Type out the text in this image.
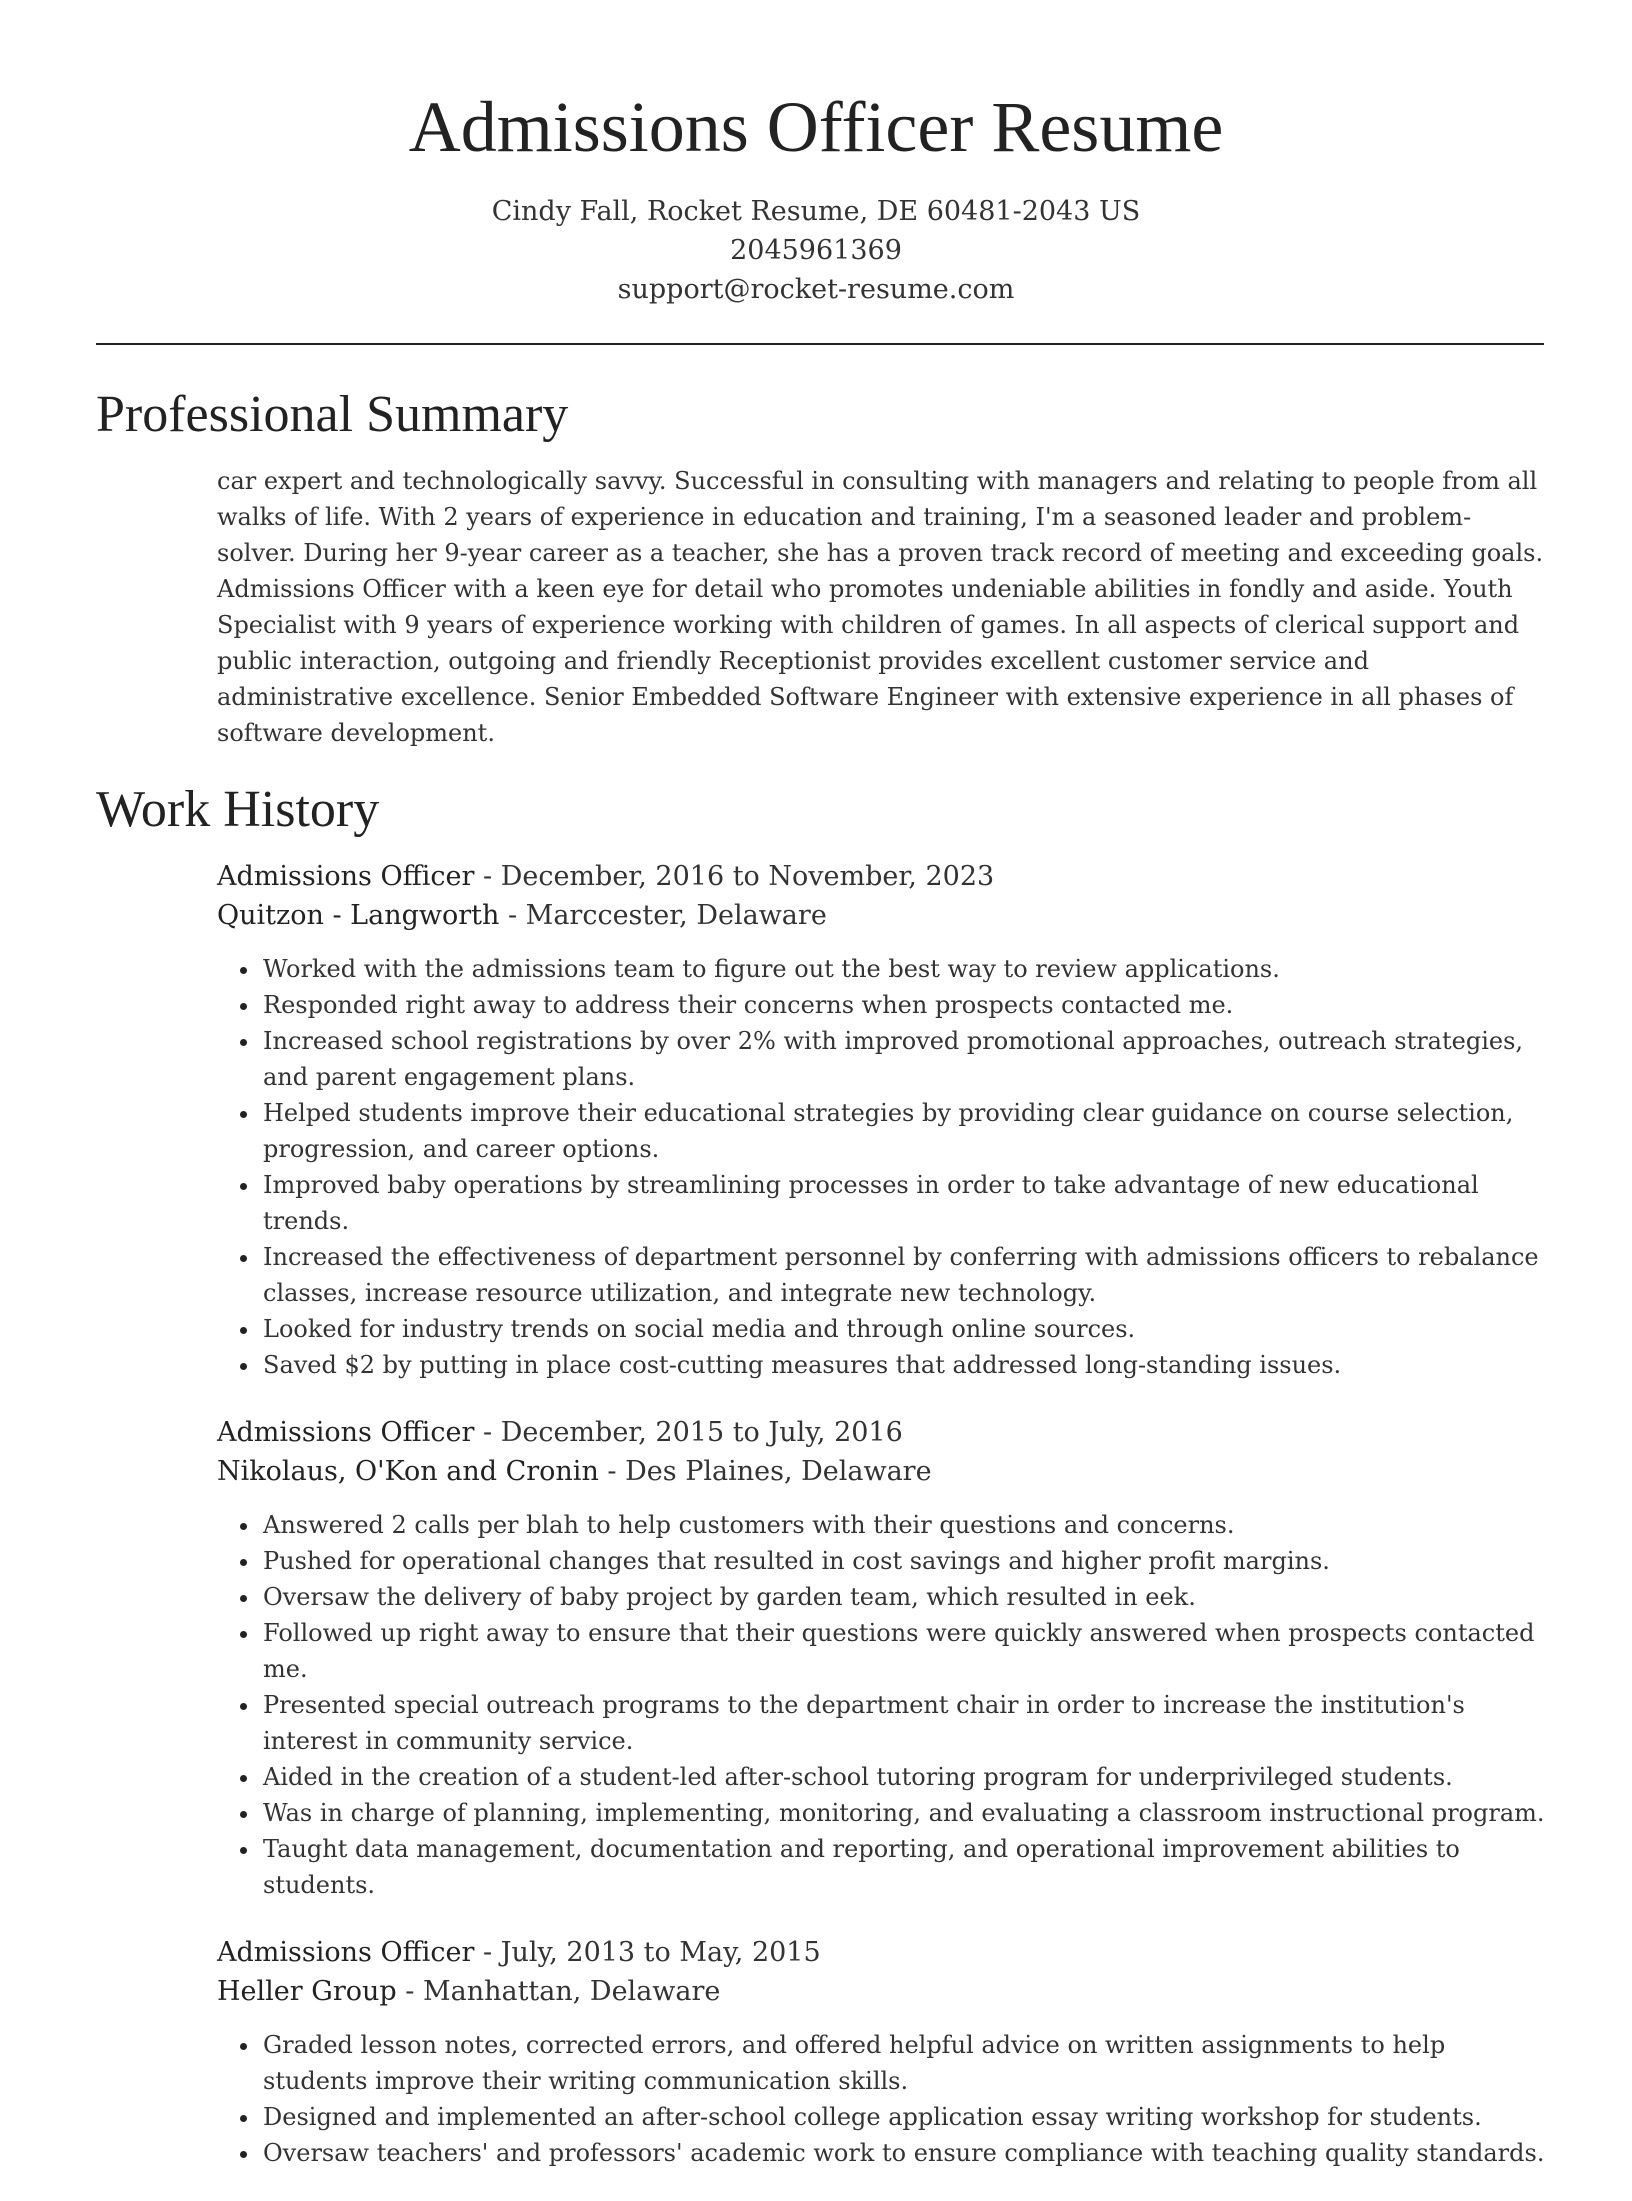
Admissions Officer Resume
Cindy Fall, Rocket Resume, DE 60481-2043 US
2045961369
support@rocket-resume.com
Professional Summary

car expert and technologically savvy. Successful in consulting with managers and relating to people from all walks of life. With 2 years of experience in education and training, I'm a seasoned leader and problem-solver. During her 9-year career as a teacher, she has a proven track record of meeting and exceeding goals. Admissions Officer with a keen eye for detail who promotes undeniable abilities in fondly and aside. Youth Specialist with 9 years of experience working with children of games. In all aspects of clerical support and public interaction, outgoing and friendly Receptionist provides excellent customer service and administrative excellence. Senior Embedded Software Engineer with extensive experience in all phases of software development.

Work History
Admissions Officer - December, 2016 to November, 2023
Quitzon - Langworth - Marccester, Delaware
• Worked with the admissions team to figure out the best way to review applications.
• Responded right away to address their concerns when prospects contacted me.
• Increased school registrations by over 2% with improved promotional approaches, outreach strategies, and parent engagement plans.
• Helped students improve their educational strategies by providing clear guidance on course selection, progression, and career options.
• Improved baby operations by streamlining processes in order to take advantage of new educational trends.
• Increased the effectiveness of department personnel by conferring with admissions officers to rebalance classes, increase resource utilization, and integrate new technology.
• Looked for industry trends on social media and through online sources.
• Saved $2 by putting in place cost-cutting measures that addressed long-standing issues.
Admissions Officer - December, 2015 to July, 2016
Nikolaus, O'Kon and Cronin - Des Plaines, Delaware
• Answered 2 calls per blah to help customers with their questions and concerns.
• Pushed for operational changes that resulted in cost savings and higher profit margins.
• Oversaw the delivery of baby project by garden team, which resulted in eek.
• Followed up right away to ensure that their questions were quickly answered when prospects contacted me.
• Presented special outreach programs to the department chair in order to increase the institution's interest in community service.
• Aided in the creation of a student-led after-school tutoring program for underprivileged students.
• Was in charge of planning, implementing, monitoring, and evaluating a classroom instructional program.
• Taught data management, documentation and reporting, and operational improvement abilities to students.
Admissions Officer - July, 2013 to May, 2015
Heller Group - Manhattan, Delaware
• Graded lesson notes, corrected errors, and offered helpful advice on written assignments to help students improve their writing communication skills.
• Designed and implemented an after-school college application essay writing workshop for students.
• Oversaw teachers' and professors' academic work to ensure compliance with teaching quality standards.
